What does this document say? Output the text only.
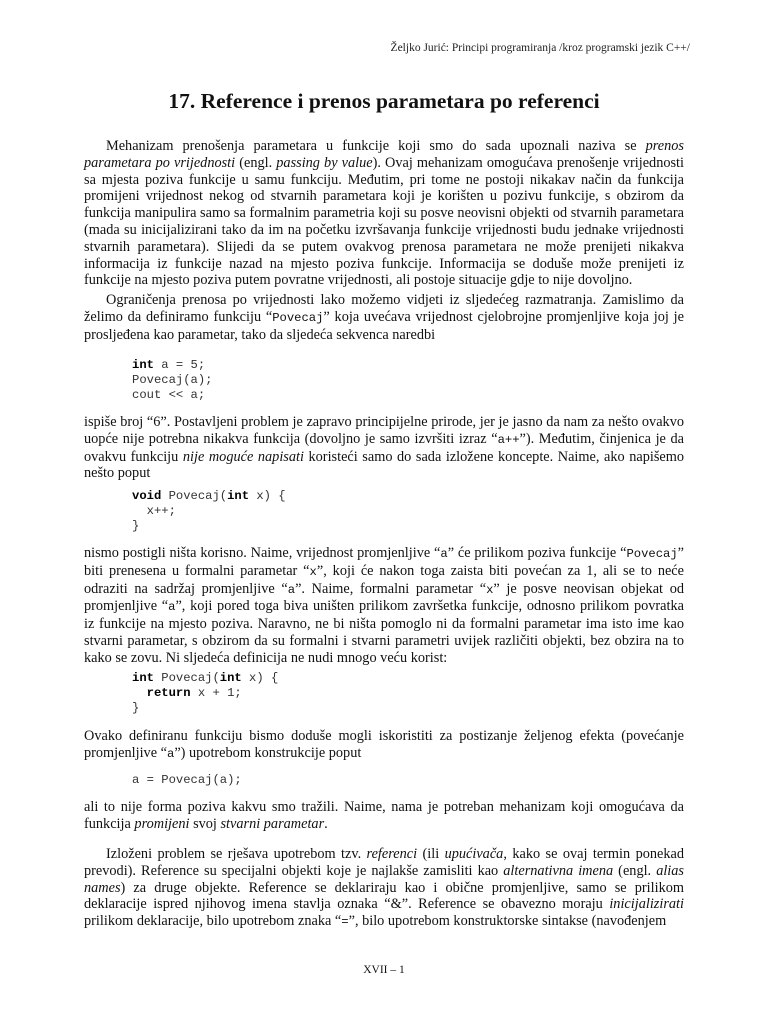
Željko Jurić: Principi programiranja /kroz programski jezik C++/
17. Reference i prenos parametara po referenci

Mehanizam prenošenja parametara u funkcije koji smo do sada upoznali naziva se prenos parametara po vrijednosti (engl. passing by value). Ovaj mehanizam omogućava prenošenje vrijednosti sa mjesta poziva funkcije u samu funkciju. Međutim, pri tome ne postoji nikakav način da funkcija promijeni vrijednost nekog od stvarnih parametara koji je korišten u pozivu funkcije, s obzirom da funkcija manipulira samo sa formalnim parametria koji su posve neovisni objekti od stvarnih parametara (mada su inicijalizirani tako da im na početku izvršavanja funkcije vrijednosti budu jednake vrijednosti stvarnih parametara). Slijedi da se putem ovakvog prenosa parametara ne može prenijeti nikakva informacija iz funkcije nazad na mjesto poziva funkcije. Informacija se doduše može prenijeti iz funkcije na mjesto poziva putem povratne vrijednosti, ali postoje situacije gdje to nije dovoljno.

Ograničenja prenosa po vrijednosti lako možemo vidjeti iz sljedećeg razmatranja. Zamislimo da želimo da definiramo funkciju “Povecaj” koja uvećava vrijednost cjelobrojne promjenljive koja joj je prosljeđena kao parametar, tako da sljedeća sekvenca naredbi

int a = 5;
Povecaj(a);
cout << a;

ispiše broj “6”. Postavljeni problem je zapravo principijelne prirode, jer je jasno da nam za nešto ovakvo uopće nije potrebna nikakva funkcija (dovoljno je samo izvršiti izraz “a++”). Međutim, činjenica je da ovakvu funkciju nije moguće napisati koristeći samo do sada izložene koncepte. Naime, ako napišemo nešto poput

void Povecaj(int x) {
x++;
}

nismo postigli ništa korisno. Naime, vrijednost promjenljive “a” će prilikom poziva funkcije “Povecaj” biti prenesena u formalni parametar “x”, koji će nakon toga zaista biti povećan za 1, ali se to neće odraziti na sadržaj promjenljive “a”. Naime, formalni parametar “x” je posve neovisan objekat od promjenljive “a”, koji pored toga biva uništen prilikom završetka funkcije, odnosno prilikom povratka iz funkcije na mjesto poziva. Naravno, ne bi ništa pomoglo ni da formalni parametar ima isto ime kao stvarni parametar, s obzirom da su formalni i stvarni parametri uvijek različiti objekti, bez obzira na to kako se zovu. Ni sljedeća definicija ne nudi mnogo veću korist:

int Povecaj(int x) {
return x + 1;
}

Ovako definiranu funkciju bismo doduše mogli iskoristiti za postizanje željenog efekta (povećanje promjenljive “a”) upotrebom konstrukcije poput

a = Povecaj(a);

ali to nije forma poziva kakvu smo tražili. Naime, nama je potreban mehanizam koji omogućava da funkcija promijeni svoj stvarni parametar.

Izloženi problem se rješava upotrebom tzv. referenci (ili upućivača, kako se ovaj termin ponekad prevodi). Reference su specijalni objekti koje je najlakše zamisliti kao alternativna imena (engl. alias names) za druge objekte. Reference se deklariraju kao i obične promjenljive, samo se prilikom deklaracije ispred njihovog imena stavlja oznaka “&”. Reference se obavezno moraju inicijalizirati prilikom deklaracije, bilo upotrebom znaka “=”, bilo upotrebom konstruktorske sintakse (navođenjem

XVII – 1
